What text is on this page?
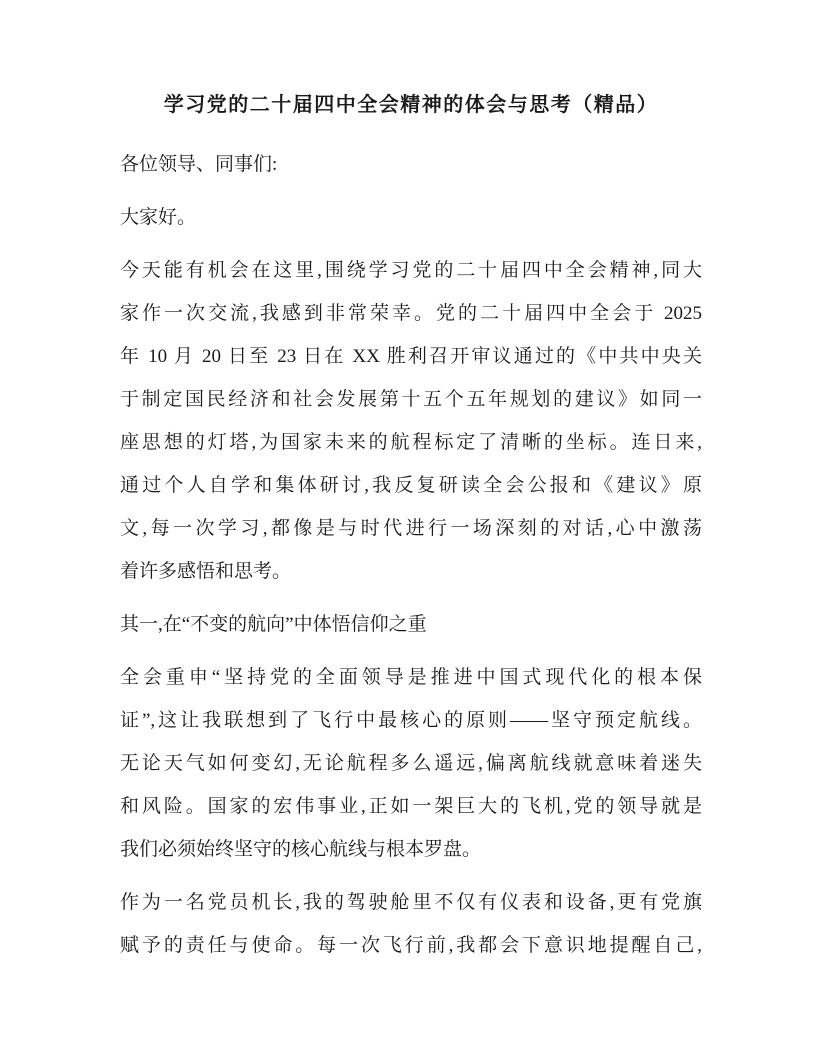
学习党的二十届四中全会精神的体会与思考（精品）
各位领导、同事们:
大家好。
今天能有机会在这里,围绕学习党的二十届四中全会精神,同大
家作一次交流,我感到非常荣幸。党的二十届四中全会于 2025
年 10 月 20 日至 23 日在 XX 胜利召开审议通过的《中共中央关
于制定国民经济和社会发展第十五个五年规划的建议》如同一
座思想的灯塔,为国家未来的航程标定了清晰的坐标。连日来,
通过个人自学和集体研讨,我反复研读全会公报和《建议》原
文,每一次学习,都像是与时代进行一场深刻的对话,心中激荡
着许多感悟和思考。
其一,在“不变的航向”中体悟信仰之重
全会重申“坚持党的全面领导是推进中国式现代化的根本保
证”,这让我联想到了飞行中最核心的原则——坚守预定航线。
无论天气如何变幻,无论航程多么遥远,偏离航线就意味着迷失
和风险。国家的宏伟事业,正如一架巨大的飞机,党的领导就是
我们必须始终坚守的核心航线与根本罗盘。
作为一名党员机长,我的驾驶舱里不仅有仪表和设备,更有党旗
赋予的责任与使命。每一次飞行前,我都会下意识地提醒自己,
